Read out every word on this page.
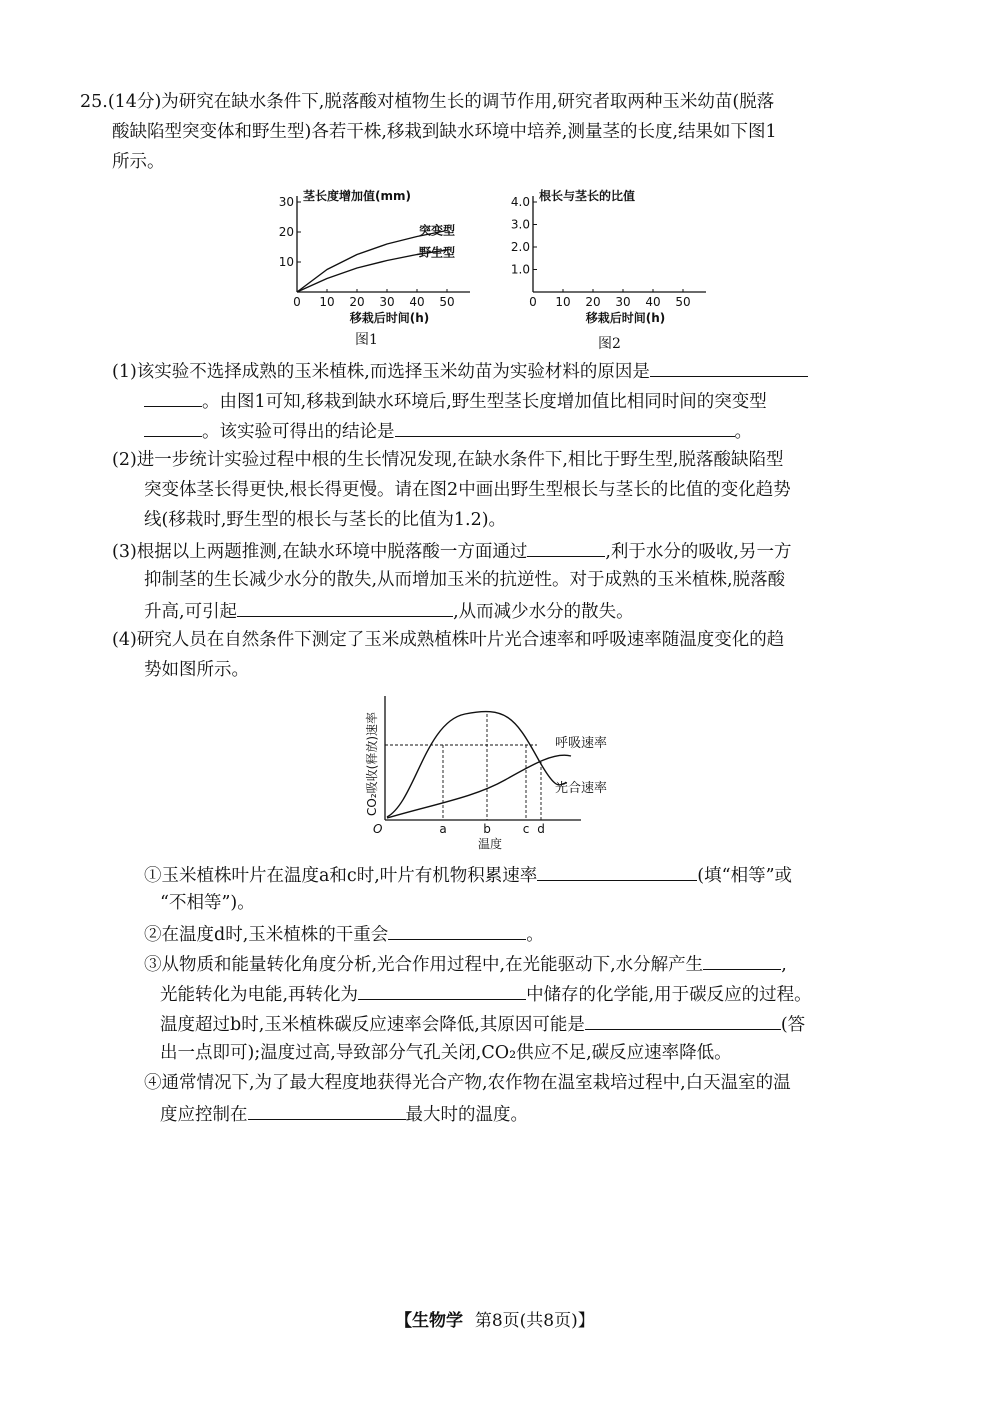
25.(14分)为研究在缺水条件下,脱落酸对植物生长的调节作用,研究者取两种玉米幼苗(脱落
酸缺陷型突变体和野生型)各若干株,移栽到缺水环境中培养,测量茎的长度,结果如下图1
所示。
0 10 20 30 40 50
10
20
30 茎长度增加值(mm)
移栽后时间(h)
突变型
野生型
图1
0 10 20 30 40 50
1.0
2.0
3.0
4.0 根长与茎长的比值
移栽后时间(h)
图2
(1)该实验不选择成熟的玉米植株,而选择玉米幼苗为实验材料的原因是
。由图1可知,移栽到缺水环境后,野生型茎长度增加值比相同时间的突变型
。该实验可得出的结论是	。
(2)进一步统计实验过程中根的生长情况发现,在缺水条件下,相比于野生型,脱落酸缺陷型
突变体茎长得更快,根长得更慢。请在图2中画出野生型根长与茎长的比值的变化趋势
线(移栽时,野生型的根长与茎长的比值为1.2)。
(3)根据以上两题推测,在缺水环境中脱落酸一方面通过	,利于水分的吸收,另一方
抑制茎的生长减少水分的散失,从而增加玉米的抗逆性。对于成熟的玉米植株,脱落酸
升高,可引起	,从而减少水分的散失。
(4)研究人员在自然条件下测定了玉米成熟植株叶片光合速率和呼吸速率随温度变化的趋
势如图所示。
O
CO₂吸收(释放)速率
温度
a	b	c d
呼吸速率
光合速率
①玉米植株叶片在温度a和c时,叶片有机物积累速率	(填“相等”或
“不相等”)。
②在温度d时,玉米植株的干重会	。
③从物质和能量转化角度分析,光合作用过程中,在光能驱动下,水分解产生	,
光能转化为电能,再转化为	中储存的化学能,用于碳反应的过程。
温度超过b时,玉米植株碳反应速率会降低,其原因可能是	(答
出一点即可);温度过高,导致部分气孔关闭,CO₂供应不足,碳反应速率降低。
④通常情况下,为了最大程度地获得光合产物,农作物在温室栽培过程中,白天温室的温
度应控制在	最大时的温度。
【生物学 第8页(共8页)】
